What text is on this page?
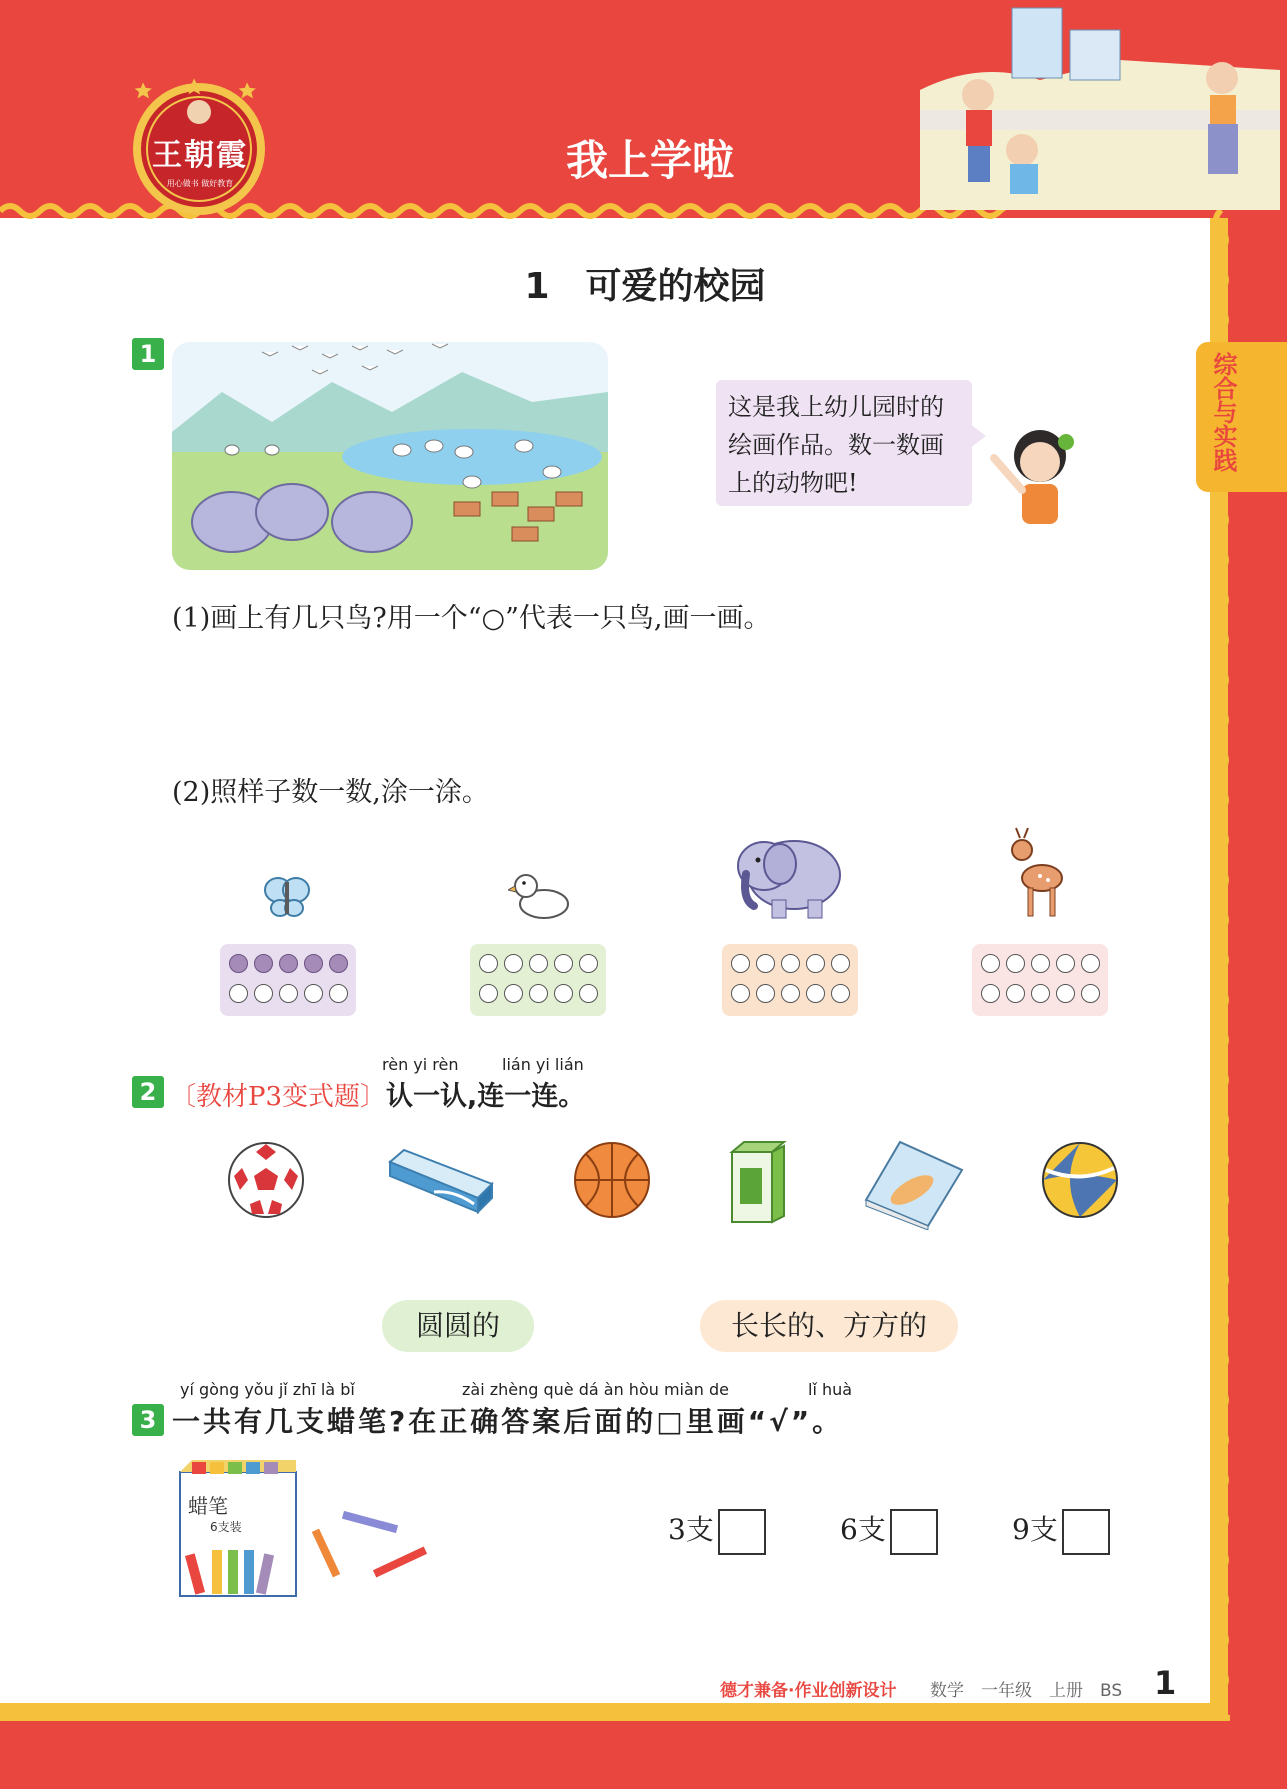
王朝霞
用心做书 做好教育	我上学啦
综合与实践
1　可爱的校园
1
这是我上幼儿园时的绘画作品。数一数画上的动物吧!
(1)画上有几只鸟?用一个“○”代表一只鸟,画一画。
(2)照样子数一数,涂一涂。
2
rèn yi rèn	lián yi lián
〔教材P3变式题〕认一认,连一连。
圆圆的	长长的、方方的
3
yí gòng yǒu jǐ zhī là bǐ	zài zhèng què dá àn hòu miàn de	lǐ huà
一共有几支蜡笔?在正确答案后面的□里画“√”。
蜡笔
6支装	3支	6支	9支
德才兼备·作业创新设计 数学　一年级　上册　BS 1
